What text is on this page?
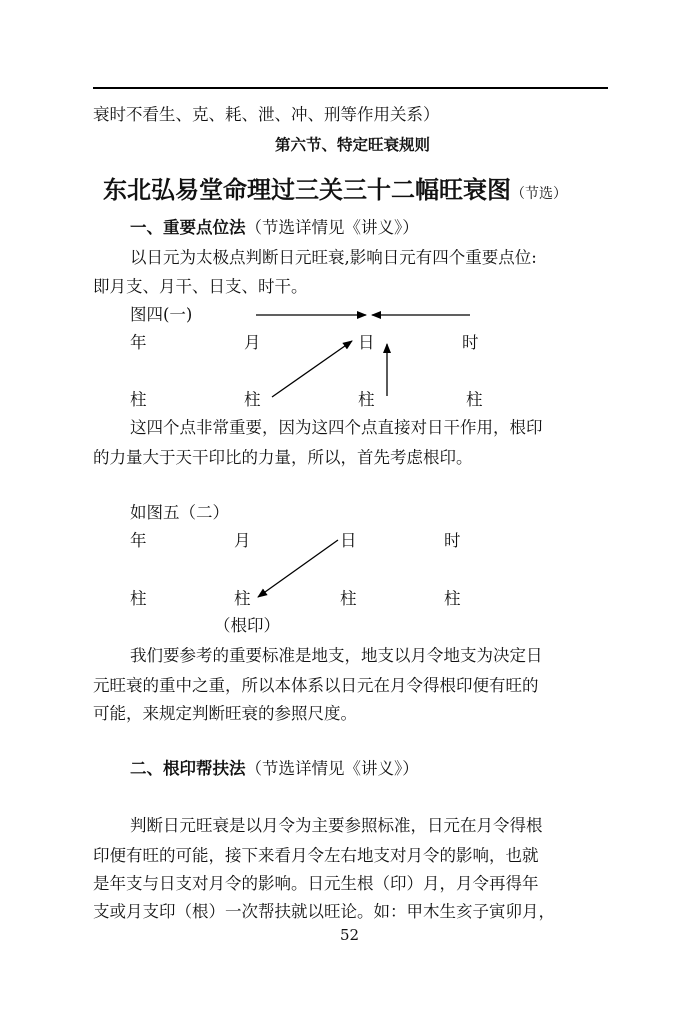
衰时不看生、克、耗、泄、冲、刑等作用关系）
第六节、特定旺衰规则
东北弘易堂命理过三关三十二幅旺衰图（节选）
一、重要点位法（节选详情见《讲义》）
以日元为太极点判断日元旺衰,影响日元有四个重要点位:
即月支、月干、日支、时干。
图四(一)
年	月	日	时
柱	柱	柱	柱
这四个点非常重要，因为这四个点直接对日干作用，根印
的力量大于天干印比的力量，所以，首先考虑根印。
如图五（二）
年	月	日	时
柱	柱	柱	柱
（根印）
我们要参考的重要标准是地支，地支以月令地支为决定日
元旺衰的重中之重，所以本体系以日元在月令得根印便有旺的
可能，来规定判断旺衰的参照尺度。
二、根印帮扶法（节选详情见《讲义》）
判断日元旺衰是以月令为主要参照标准，日元在月令得根
印便有旺的可能，接下来看月令左右地支对月令的影响，也就
是年支与日支对月令的影响。日元生根（印）月，月令再得年
支或月支印（根）一次帮扶就以旺论。如：甲木生亥子寅卯月，
52
